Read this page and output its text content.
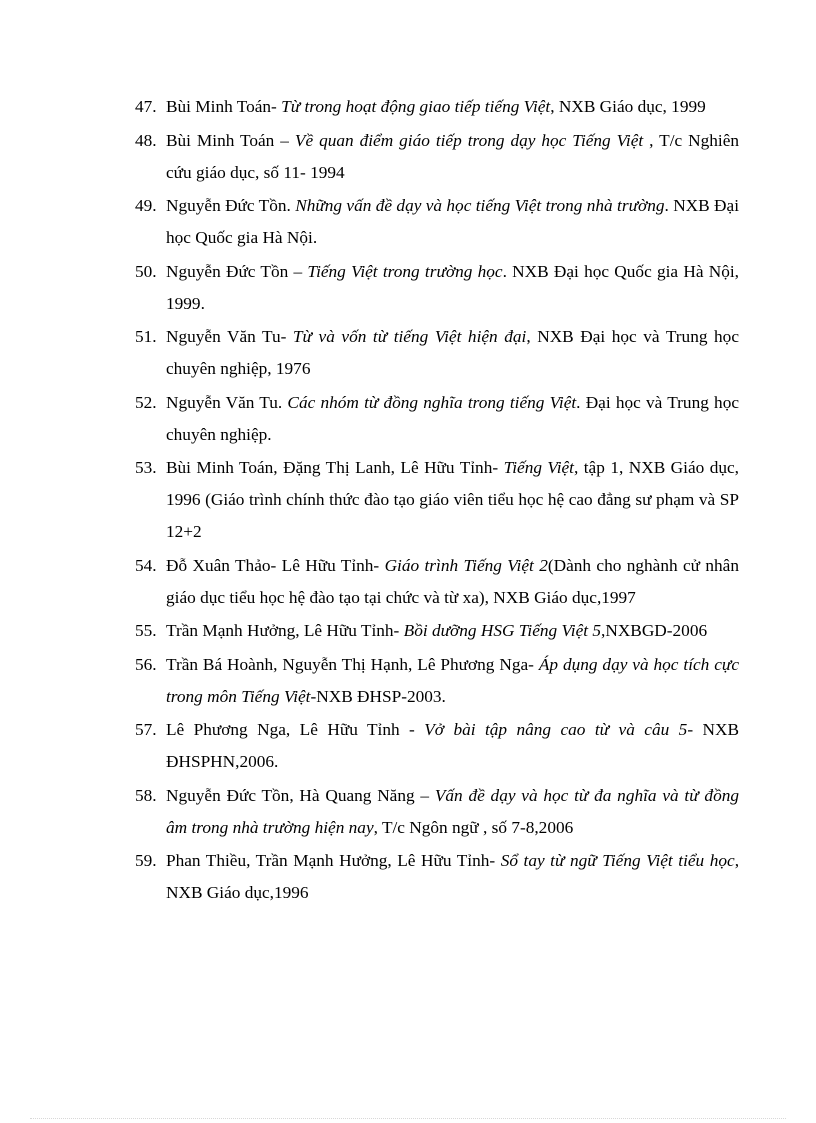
47. Bùi Minh Toán- Từ trong hoạt động giao tiếp tiếng Việt, NXB Giáo dục, 1999
48. Bùi Minh Toán – Về quan điểm giáo tiếp trong dạy học Tiếng Việt , T/c Nghiên cứu giáo dục, số 11- 1994
49. Nguyễn Đức Tồn. Những vấn đề dạy và học tiếng Việt trong nhà trường. NXB Đại học Quốc gia Hà Nội.
50. Nguyễn Đức Tồn – Tiếng Việt trong trường học. NXB Đại học Quốc gia Hà Nội, 1999.
51. Nguyễn Văn Tu- Từ và vốn từ tiếng Việt hiện đại, NXB Đại học và Trung học chuyên nghiệp, 1976
52. Nguyễn Văn Tu. Các nhóm từ đồng nghĩa trong tiếng Việt. Đại học và Trung học chuyên nghiệp.
53. Bùi Minh Toán, Đặng Thị Lanh, Lê Hữu Tỉnh- Tiếng Việt, tập 1, NXB Giáo dục, 1996 (Giáo trình chính thức đào tạo giáo viên tiểu học hệ cao đẳng sư phạm và SP 12+2
54. Đỗ Xuân Thảo- Lê Hữu Tỉnh- Giáo trình Tiếng Việt 2(Dành cho nghành cử nhân giáo dục tiểu học hệ đào tạo tại chức và từ xa), NXB Giáo dục,1997
55. Trần Mạnh Hưởng, Lê Hữu Tỉnh- Bồi dưỡng HSG Tiếng Việt 5,NXBGD-2006
56. Trần Bá Hoành, Nguyễn Thị Hạnh, Lê Phương Nga- Áp dụng dạy và học tích cực trong môn Tiếng Việt-NXB ĐHSP-2003.
57. Lê Phương Nga, Lê Hữu Tỉnh - Vở bài tập nâng cao từ và câu 5- NXB ĐHSPHN,2006.
58. Nguyễn Đức Tồn, Hà Quang Năng – Vấn đề dạy và học từ đa nghĩa và từ đồng âm trong nhà trường hiện nay, T/c Ngôn ngữ , số 7-8,2006
59. Phan Thiều, Trần Mạnh Hưởng, Lê Hữu Tỉnh- Sổ tay từ ngữ Tiếng Việt tiểu học, NXB Giáo dục,1996
